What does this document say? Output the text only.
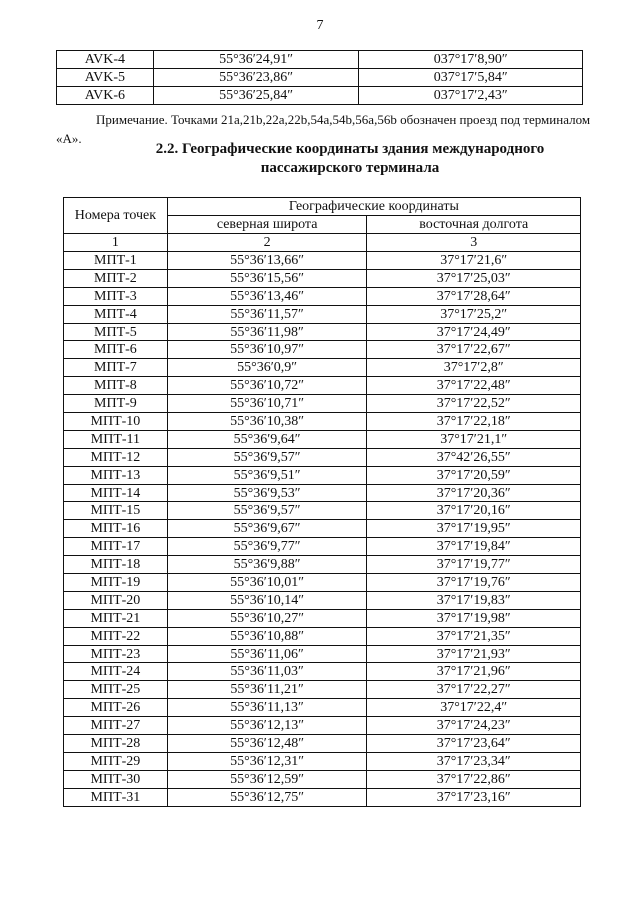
7
AVK-4	55°36′24,91″	037°17′8,90″
AVK-5	55°36′23,86″	037°17′5,84″
AVK-6	55°36′25,84″	037°17′2,43″
Примечание. Точками 21a,21b,22a,22b,54a,54b,56a,56b обозначен проезд под терминалом
«А».
2.2. Географические координаты здания международного
пассажирского терминала
Номера точек	Географические координаты	
	северная широта	восточная долгота
1	2	3
МПТ-1	55°36′13,66″	37°17′21,6″
МПТ-2	55°36′15,56″	37°17′25,03″
МПТ-3	55°36′13,46″	37°17′28,64″
МПТ-4	55°36′11,57″	37°17′25,2″
МПТ-5	55°36′11,98″	37°17′24,49″
МПТ-6	55°36′10,97″	37°17′22,67″
МПТ-7	55°36′0,9″	37°17′2,8″
МПТ-8	55°36′10,72″	37°17′22,48″
МПТ-9	55°36′10,71″	37°17′22,52″
МПТ-10	55°36′10,38″	37°17′22,18″
МПТ-11	55°36′9,64″	37°17′21,1″
МПТ-12	55°36′9,57″	37°42′26,55″
МПТ-13	55°36′9,51″	37°17′20,59″
МПТ-14	55°36′9,53″	37°17′20,36″
МПТ-15	55°36′9,57″	37°17′20,16″
МПТ-16	55°36′9,67″	37°17′19,95″
МПТ-17	55°36′9,77″	37°17′19,84″
МПТ-18	55°36′9,88″	37°17′19,77″
МПТ-19	55°36′10,01″	37°17′19,76″
МПТ-20	55°36′10,14″	37°17′19,83″
МПТ-21	55°36′10,27″	37°17′19,98″
МПТ-22	55°36′10,88″	37°17′21,35″
МПТ-23	55°36′11,06″	37°17′21,93″
МПТ-24	55°36′11,03″	37°17′21,96″
МПТ-25	55°36′11,21″	37°17′22,27″
МПТ-26	55°36′11,13″	37°17′22,4″
МПТ-27	55°36′12,13″	37°17′24,23″
МПТ-28	55°36′12,48″	37°17′23,64″
МПТ-29	55°36′12,31″	37°17′23,34″
МПТ-30	55°36′12,59″	37°17′22,86″
МПТ-31	55°36′12,75″	37°17′23,16″
